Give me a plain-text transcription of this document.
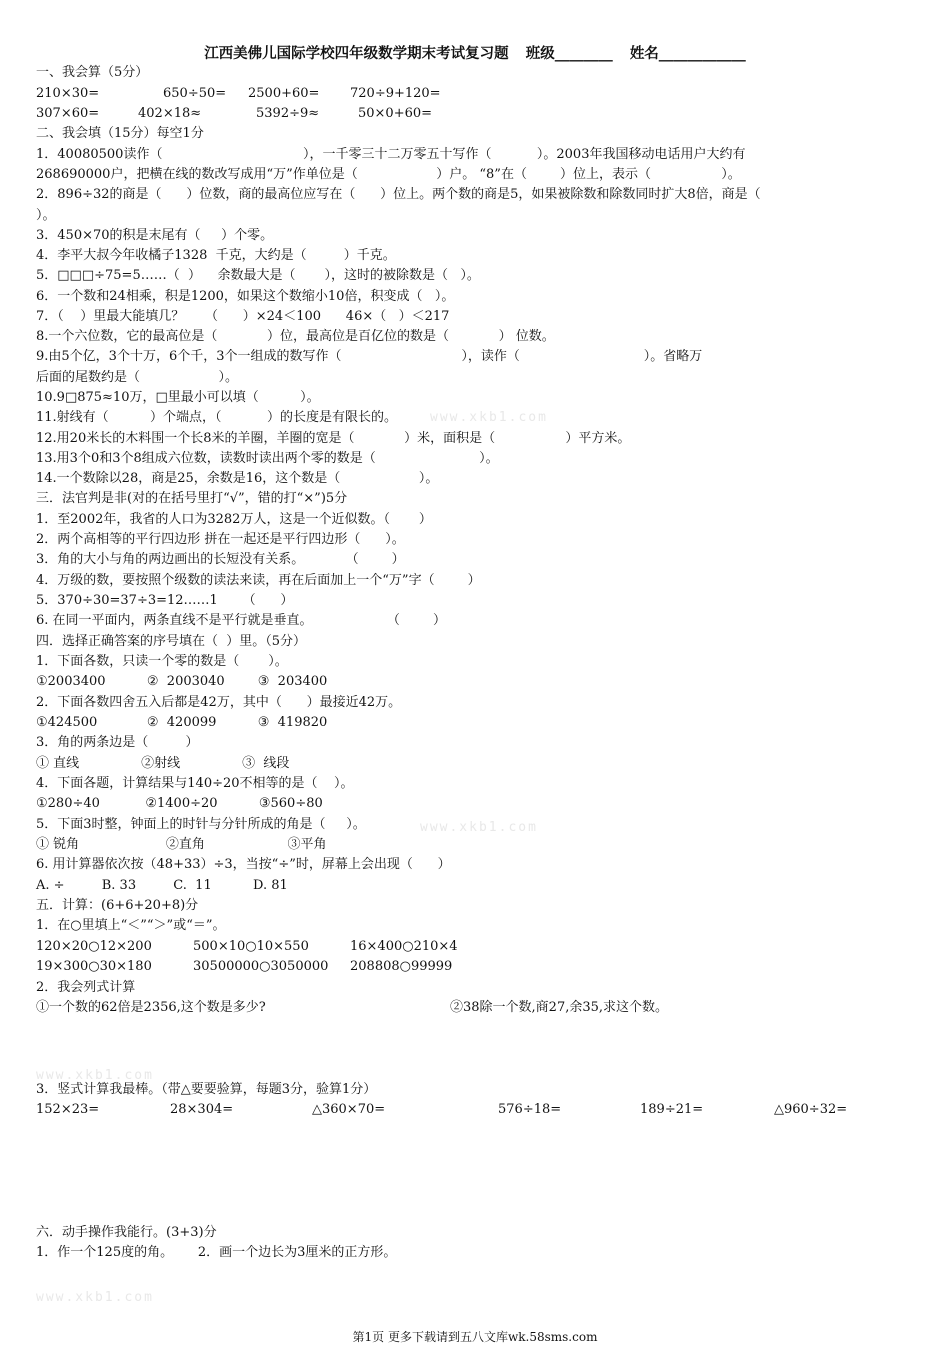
www.xkb1.com
www.xkb1.com
www.xkb1.com
www.xkb1.com
江西美佛儿国际学校四年级数学期末考试复习题 班级________ 姓名____________
一、我会算（5分）
210×30=	650÷50= 2500+60= 720÷9+120=
307×60=	402×18≈	5392÷9≈	50×0+60=
二、我会填（15分）每空1分
1．40080500读作（                                  ），一千零三十二万零五十写作（           ）。2003年我国移动电话用户大约有
268690000户，把横在线的数改写成用“万”作单位是（                   ）户。 “8”在（        ）位上，表示（                 ）。
2．896÷32的商是（      ）位数，商的最高位应写在（      ）位上。两个数的商是5，如果被除数和除数同时扩大8倍，商是（
）。
3．450×70的积是末尾有（     ）个零。
4．李平大叔今年收橘子1328  千克，大约是（         ）千克。
5．□□□÷75=5……（  ）    余数最大是（       ），这时的被除数是（   ）。
6．一个数和24相乘，积是1200，如果这个数缩小10倍，积变成（   ）。
7．（    ）里最大能填几？     （      ）×24＜100      46×（   ）＜217
8.一个六位数，它的最高位是（            ）位，最高位是百亿位的数是（            ） 位数。
9.由5个亿，3个十万，6个千，3个一组成的数写作（                             ），读作（                              ）。省略万
后面的尾数约是（                   ）。
10.9□875≈10万，□里最小可以填（          ）。
11.射线有（          ）个端点，（           ）的长度是有限长的。
12.用20米长的木料围一个长8米的羊圈，羊圈的宽是（            ）米，面积是（                 ）平方米。
13.用3个0和3个8组成六位数，读数时读出两个零的数是（                         ）。
14.一个数除以28，商是25，余数是16，这个数是（                   ）。
三．法官判是非(对的在括号里打“√”，错的打“×”)5分
1．至2002年，我省的人口为3282万人，这是一个近似数。（       ）
2．两个高相等的平行四边形 拼在一起还是平行四边形（      ）。
3．角的大小与角的两边画出的长短没有关系。          （        ）
4．万级的数，要按照个级数的读法来读，再在后面加上一个“万”字（        ）
5．370÷30=37÷3=12……1      （      ）
6. 在同一平面内，两条直线不是平行就是垂直。                  （        ）
四．选择正确答案的序号填在（  ）里。（5分）
1．下面各数，只读一个零的数是（       ）。
①2003400          ②  2003040        ③  203400
2．下面各数四舍五入后都是42万，其中（      ）最接近42万。
①424500            ②  420099          ③  419820
3．角的两条边是（         ）
① 直线               ②射线               ③  线段
4．下面各题，计算结果与140÷20不相等的是（    ）。
①280÷40           ②1400÷20          ③560÷80
5．下面3时整，钟面上的时针与分针所成的角是（     ）。
① 锐角                     ②直角                    ③平角
6. 用计算器依次按（48+33）÷3，当按“÷”时，屏幕上会出现（      ）
A. ÷         B. 33         C.  11          D. 81
五．计算：(6+6+20+8)分
1．在○里填上“＜”“＞”或“＝”。
120×20○12×200	500×10○10×550	16×400○210×4
19×300○30×180	30500000○3050000 208808○99999
2．我会列式计算
①一个数的62倍是2356,这个数是多少?	②38除一个数,商27,余35,求这个数。
3．竖式计算我最棒。（带△要要验算，每题3分，验算1分）
152×23=	28×304=	△360×70=	576÷18=	189÷21=	△960÷32=
六．动手操作我能行。(3+3)分
1．作一个125度的角。      2．画一个边长为3厘米的正方形。
第1页 更多下载请到五八文库wk.58sms.com
